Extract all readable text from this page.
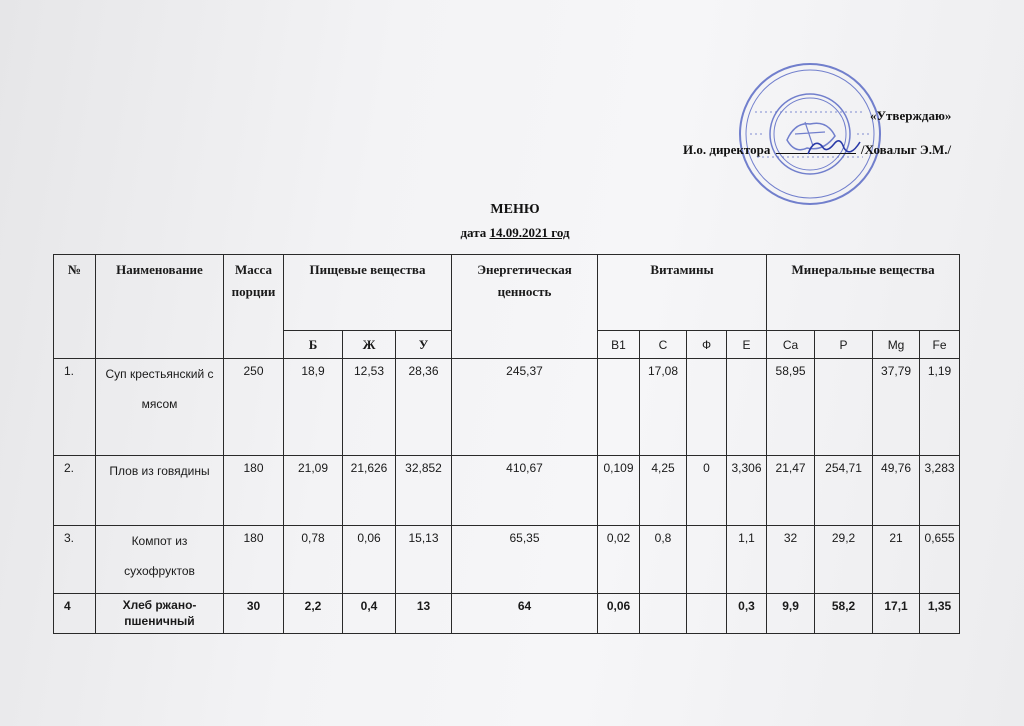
«Утверждаю»
И.о. директора	/Ховалыг Э.М./
МЕНЮ
дата 14.09.2021 год
№	Наименование	Масса порции	Пищевые вещества			Энергетическая ценность	Витамины				Минеральные вещества			
			Б	Ж	У		В1	С	Ф	Е	Ca	P	Mg	Fe
1.	Суп крестьянский с мясом	250	18,9	12,53	28,36	245,37		17,08			58,95		37,79	1,19
2.	Плов из говядины	180	21,09	21,626	32,852	410,67	0,109	4,25	0	3,306	21,47	254,71	49,76	3,283
3.	Компот из сухофруктов	180	0,78	0,06	15,13	65,35	0,02	0,8		1,1	32	29,2	21	0,655
4	Хлеб ржано-пшеничный	30	2,2	0,4	13	64	0,06			0,3	9,9	58,2	17,1	1,35
